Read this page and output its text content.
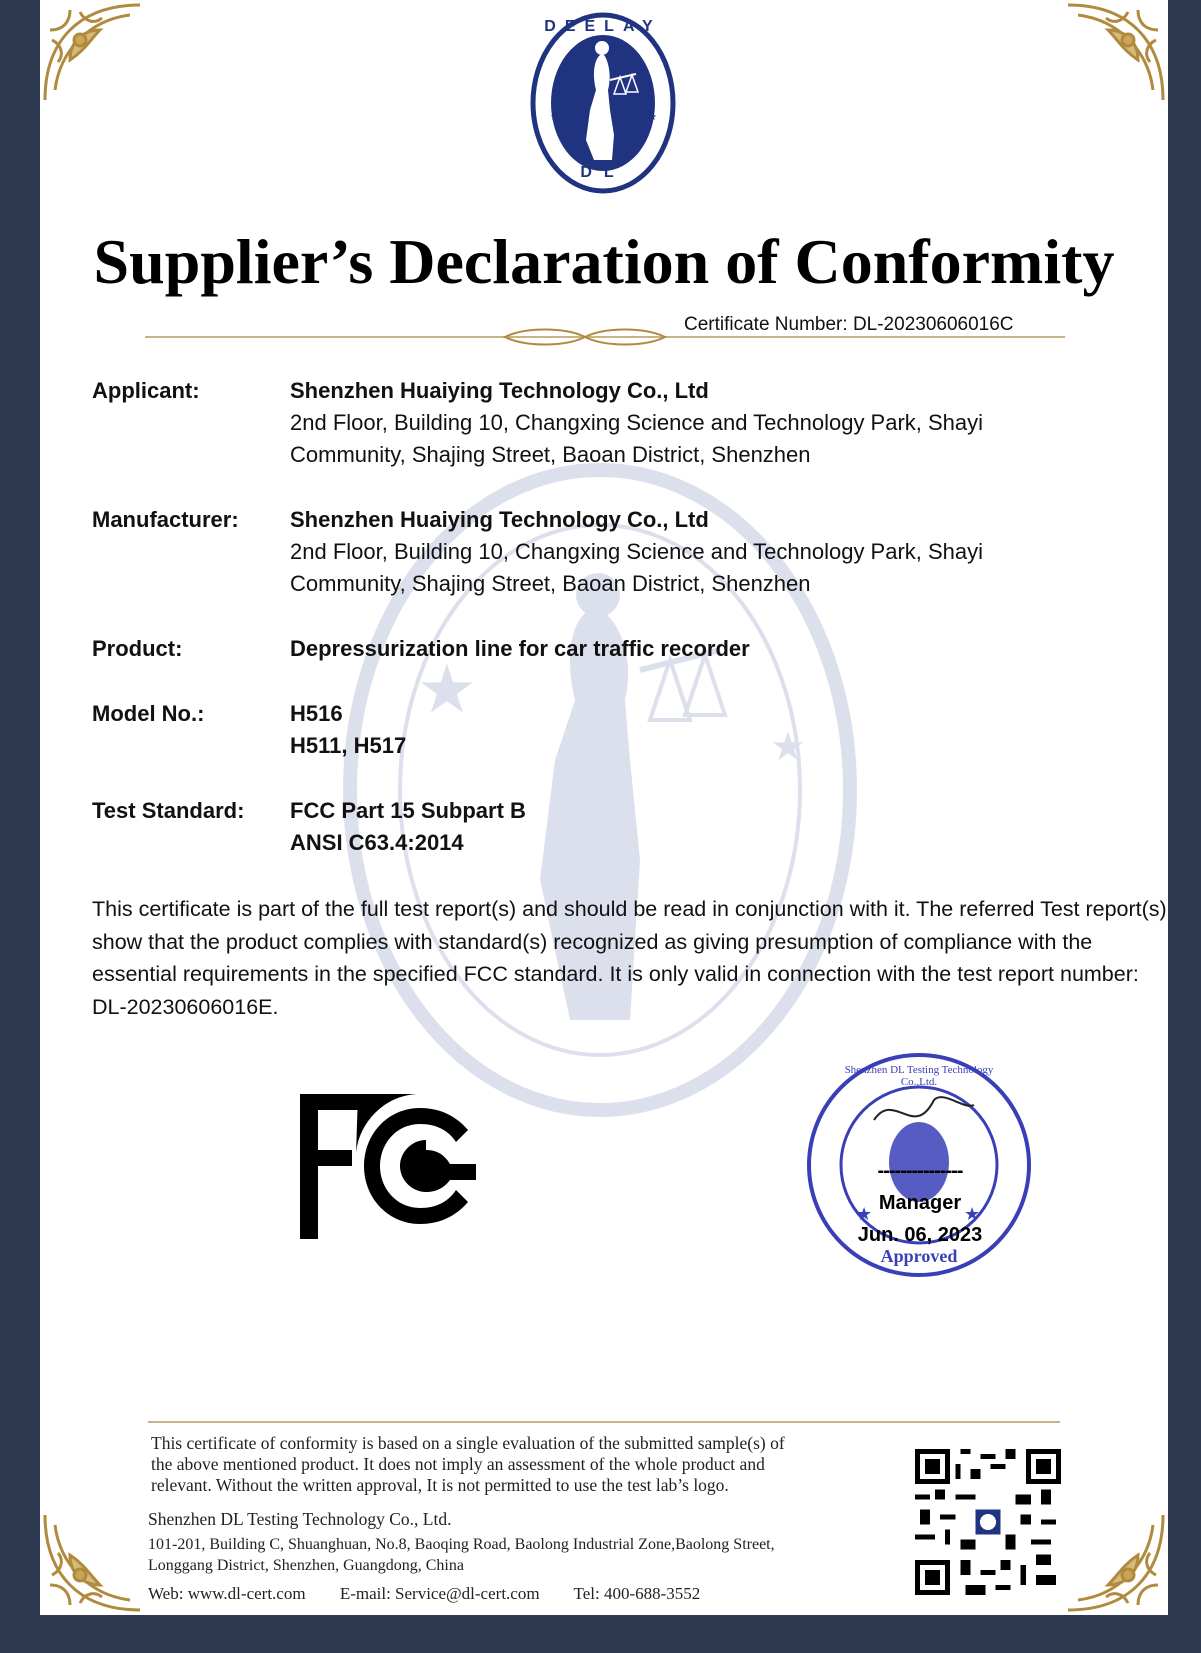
★
★
★
★	★
★
DEELAY
DL
Supplier’s Declaration of Conformity
Certificate Number: DL-20230606016C
Applicant:	Shenzhen Huaiying Technology Co., Ltd
2nd Floor, Building 10, Changxing Science and Technology Park, Shayi
Community, Shajing Street, Baoan District, Shenzhen
Manufacturer: Shenzhen Huaiying Technology Co., Ltd
2nd Floor, Building 10, Changxing Science and Technology Park, Shayi
Community, Shajing Street, Baoan District, Shenzhen
Product:	Depressurization line for car traffic recorder
Model No.:	H516
H511, H517
Test Standard: FCC Part 15 Subpart B
ANSI C63.4:2014
This certificate is part of the full test report(s) and should be read in conjunction with it. The referred Test report(s) show that the product complies with standard(s) recognized as giving presumption of compliance with the essential requirements in the specified FCC standard. It is only valid in connection with the test report number: DL-20230606016E.
★	★
Shenzhen DL Testing Technology Co.,Ltd.
Approved
---------------
Manager
Jun. 06, 2023
This certificate of conformity is based on a single evaluation of the submitted sample(s) of
the above mentioned product. It does not imply an assessment of the whole product and
relevant. Without the written approval, It is not permitted to use the test lab’s logo.
Shenzhen DL Testing Technology Co., Ltd.
101-201, Building C, Shuanghuan, No.8, Baoqing Road, Baolong Industrial Zone,Baolong Street,
Longgang District, Shenzhen, Guangdong, China
Web: www.dl-cert.com E-mail: Service@dl-cert.com Tel: 400-688-3552
